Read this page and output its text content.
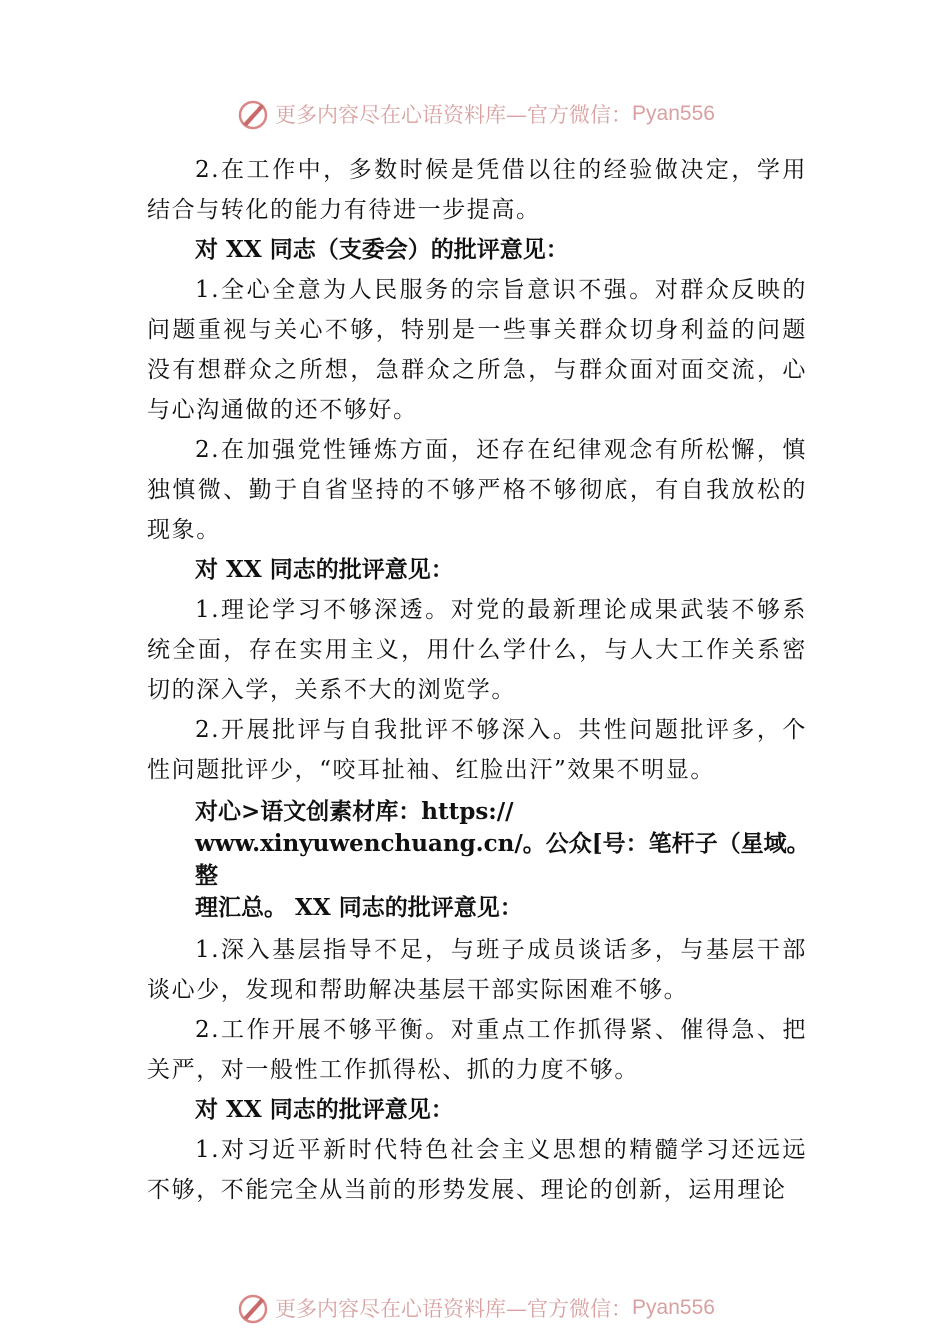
更多内容尽在心语资料库—官方微信： Pyan556

2.在工作中，多数时候是凭借以往的经验做决定，学用结合与转化的能力有待进一步提高。

对 XX 同志（支委会）的批评意见：

1.全心全意为人民服务的宗旨意识不强。对群众反映的问题重视与关心不够，特别是一些事关群众切身利益的问题没有想群众之所想，急群众之所急，与群众面对面交流，心与心沟通做的还不够好。

2.在加强党性锤炼方面，还存在纪律观念有所松懈，慎独慎微、勤于自省坚持的不够严格不够彻底，有自我放松的现象。

对 XX 同志的批评意见：

1.理论学习不够深透。对党的最新理论成果武装不够系统全面，存在实用主义，用什么学什么，与人大工作关系密切的深入学，关系不大的浏览学。

2.开展批评与自我批评不够深入。共性问题批评多，个性问题批评少，“咬耳扯袖、红脸出汗”效果不明显。

对心>语文创素材库：https://
www.xinyuwenchuang.cn/。公众[号：笔杆子（星域。整
理汇总。 XX 同志的批评意见：

1.深入基层指导不足，与班子成员谈话多，与基层干部谈心少，发现和帮助解决基层干部实际困难不够。

2.工作开展不够平衡。对重点工作抓得紧、催得急、把关严，对一般性工作抓得松、抓的力度不够。

对 XX 同志的批评意见：

1.对习近平新时代特色社会主义思想的精髓学习还远远不够，不能完全从当前的形势发展、理论的创新，运用理论

更多内容尽在心语资料库—官方微信： Pyan556
